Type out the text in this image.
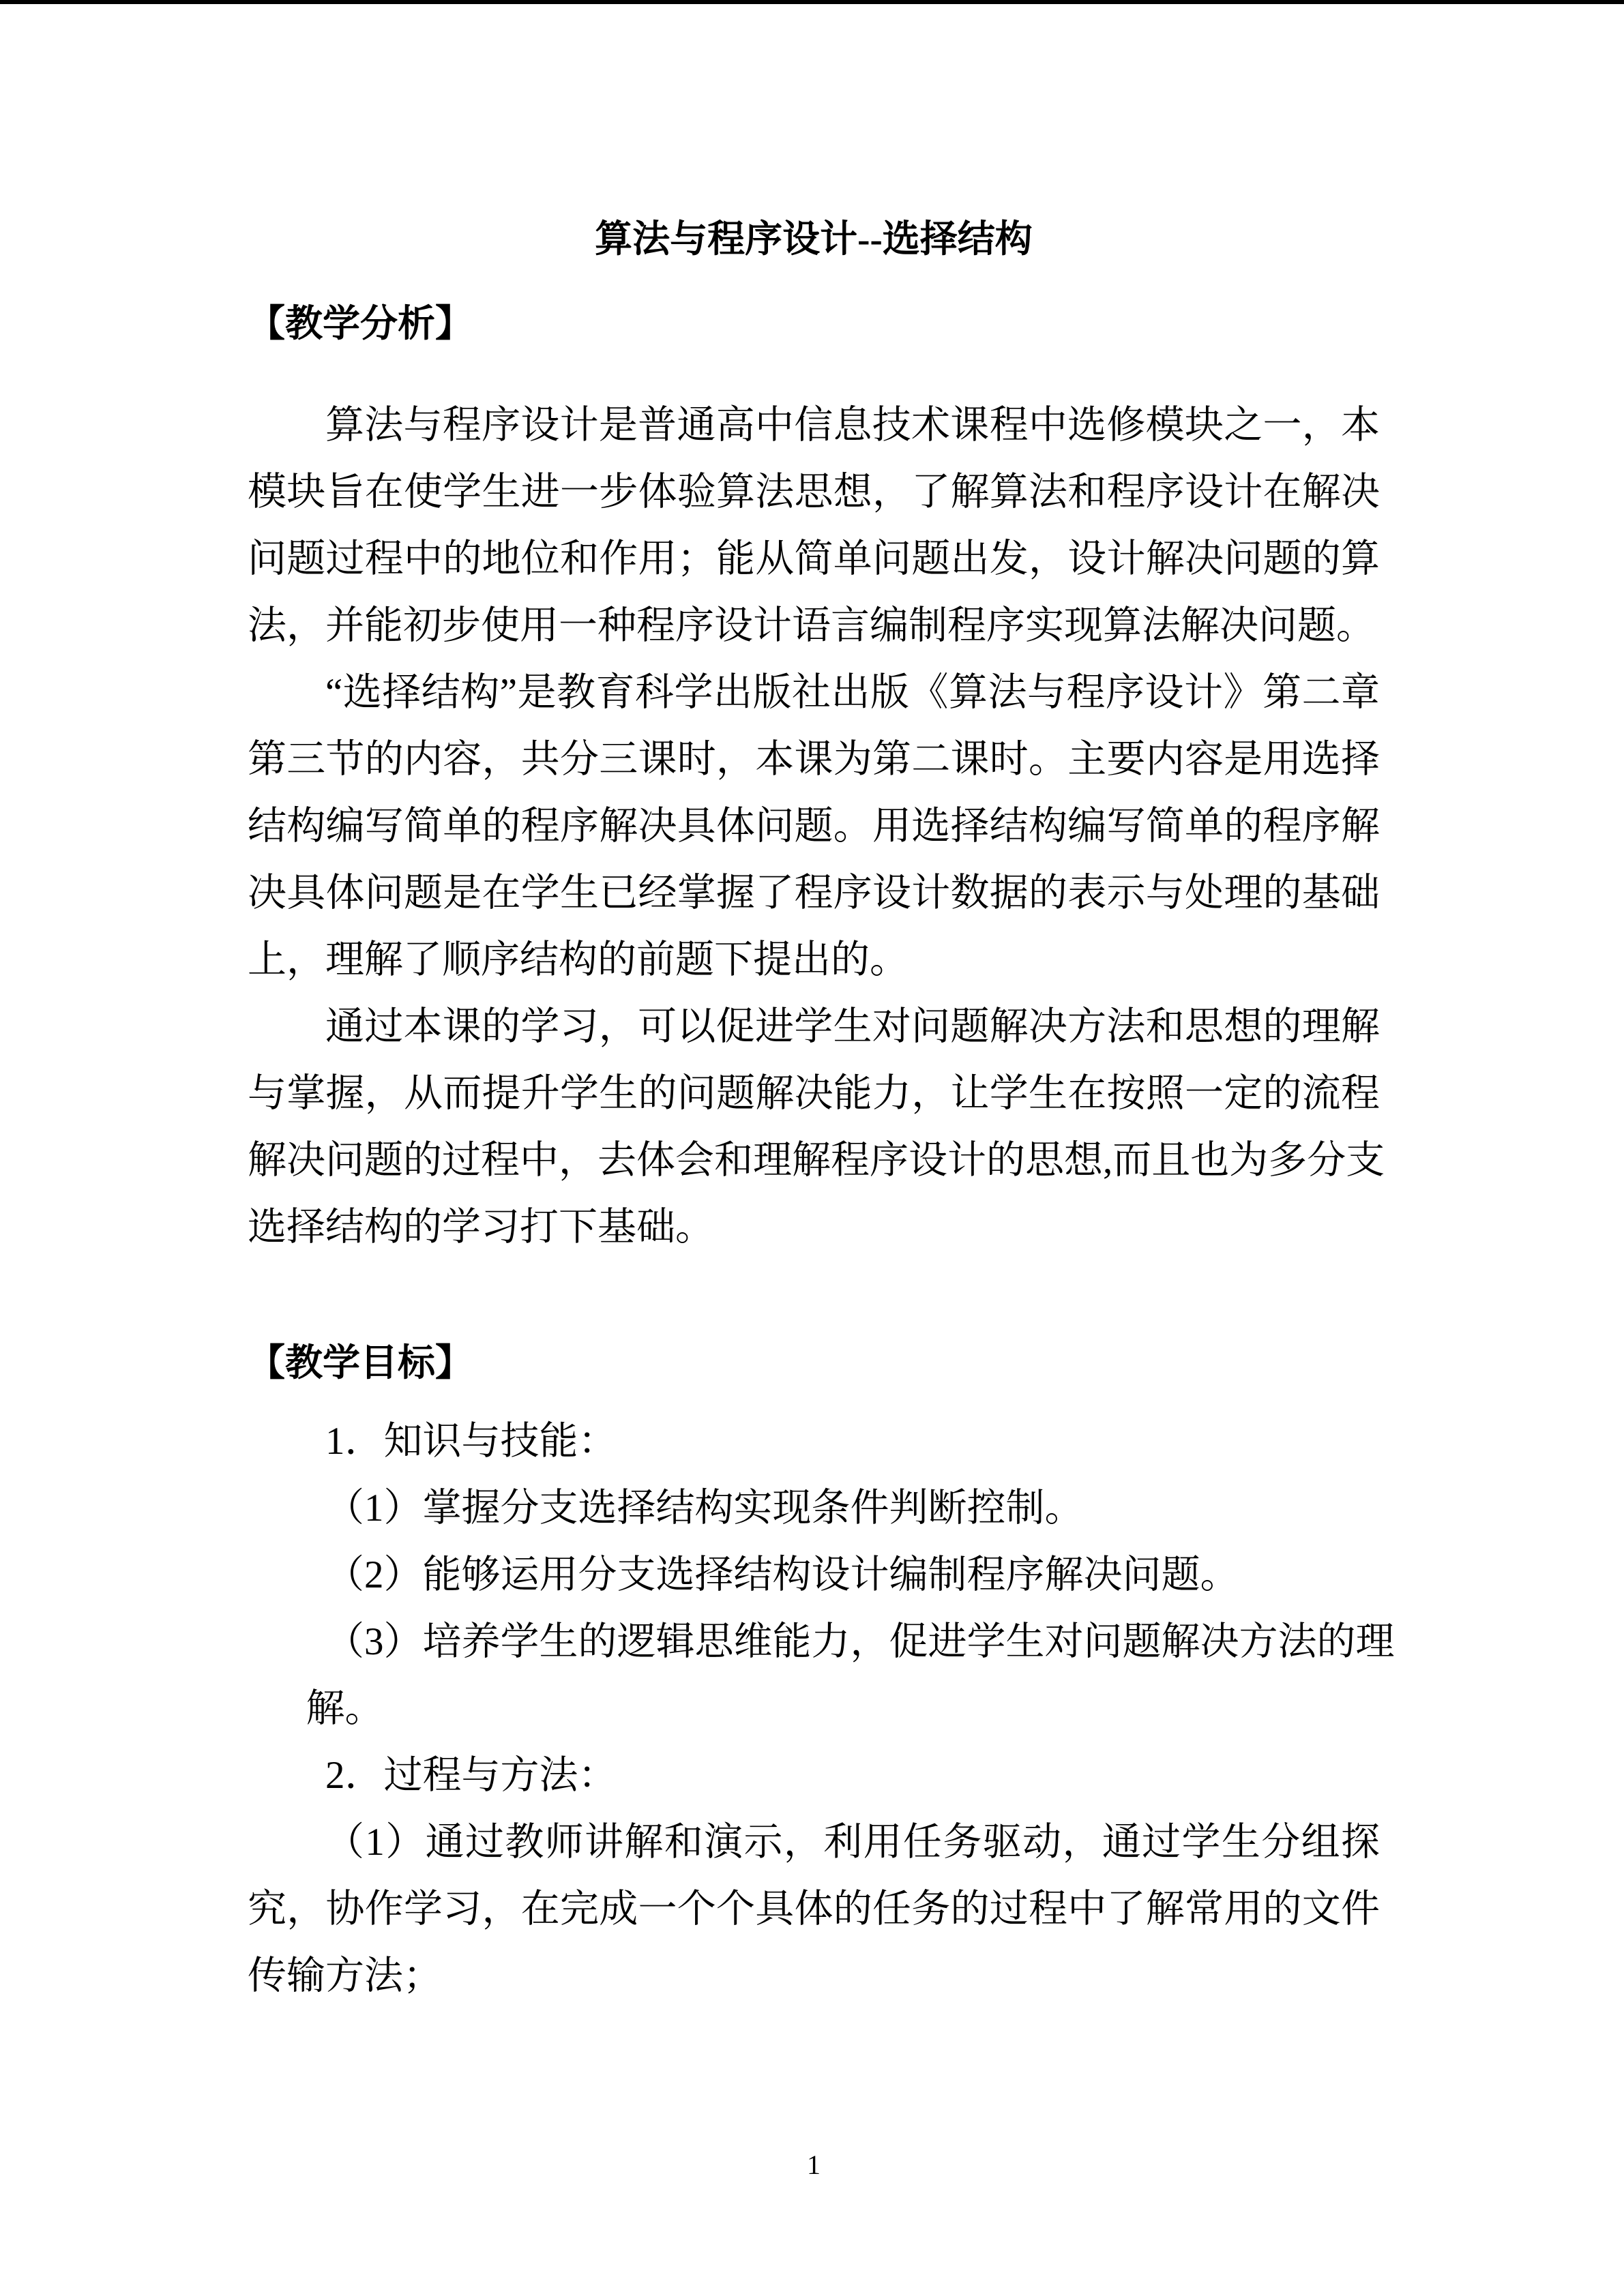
算法与程序设计--选择结构
【教学分析】
算法与程序设计是普通高中信息技术课程中选修模块之一，本
模块旨在使学生进一步体验算法思想，了解算法和程序设计在解决
问题过程中的地位和作用；能从简单问题出发，设计解决问题的算
法，并能初步使用一种程序设计语言编制程序实现算法解决问题。
“选择结构”是教育科学出版社出版《算法与程序设计》第二章
第三节的内容，共分三课时，本课为第二课时。主要内容是用选择
结构编写简单的程序解决具体问题。用选择结构编写简单的程序解
决具体问题是在学生已经掌握了程序设计数据的表示与处理的基础
上，理解了顺序结构的前题下提出的。
通过本课的学习，可以促进学生对问题解决方法和思想的理解
与掌握，从而提升学生的问题解决能力，让学生在按照一定的流程
解决问题的过程中，去体会和理解程序设计的思想,而且也为多分支
选择结构的学习打下基础。
【教学目标】
1．知识与技能：
（1）掌握分支选择结构实现条件判断控制。
（2）能够运用分支选择结构设计编制程序解决问题。
（3）培养学生的逻辑思维能力，促进学生对问题解决方法的理
解。
2．过程与方法：
（1）通过教师讲解和演示，利用任务驱动，通过学生分组探
究，协作学习，在完成一个个具体的任务的过程中了解常用的文件
传输方法；
1
